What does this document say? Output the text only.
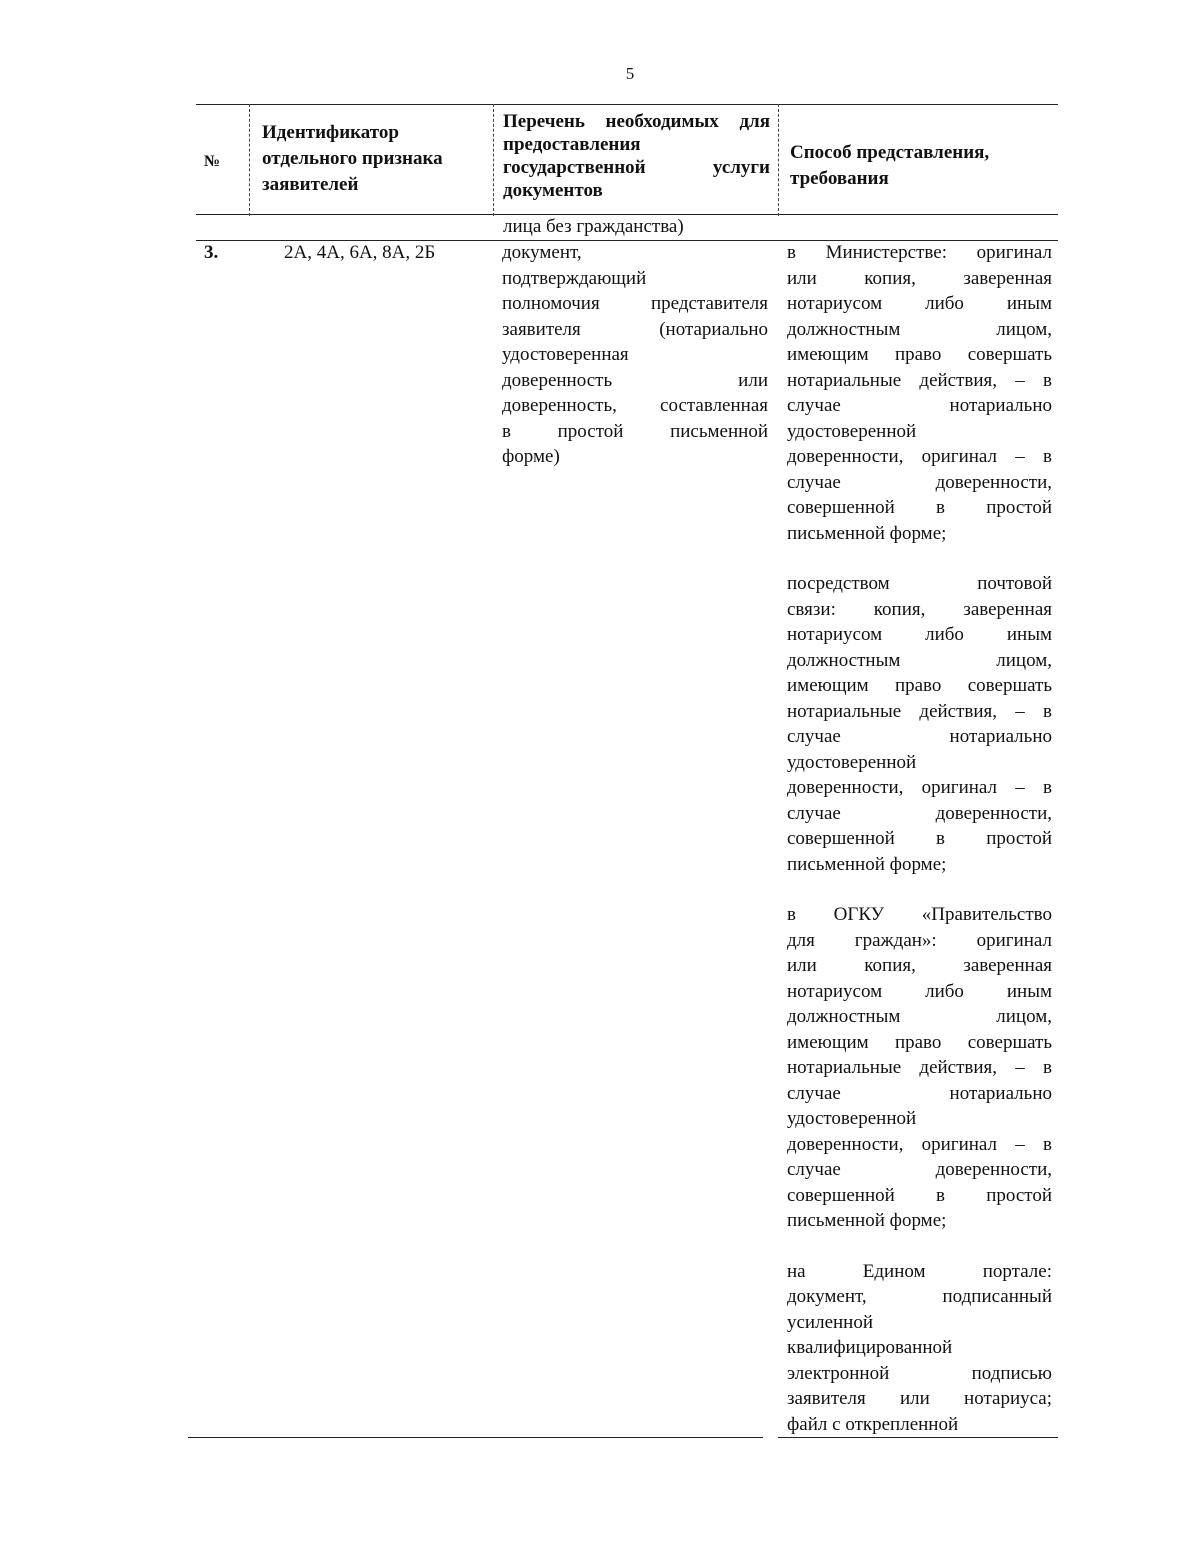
5
№
Идентификатор отдельного признака заявителей
Перечень необходимых для предоставления государственной услуги документов
Способ представления, требования
лица без гражданства)
3.	2А, 4А, 6А, 8А, 2Б	документ,
подтверждающий
полномочия представителя
заявителя (нотариально
удостоверенная
доверенность или
доверенность, составленная
в простой письменной
форме)
в Министерстве: оригинал
или копия, заверенная
нотариусом либо иным
должностным лицом,
имеющим право совершать
нотариальные действия, – в
случае нотариально
удостоверенной
доверенности, оригинал – в
случае доверенности,
совершенной в простой
письменной форме;
посредством почтовой
связи: копия, заверенная
нотариусом либо иным
должностным лицом,
имеющим право совершать
нотариальные действия, – в
случае нотариально
удостоверенной
доверенности, оригинал – в
случае доверенности,
совершенной в простой
письменной форме;
в ОГКУ «Правительство
для граждан»: оригинал
или копия, заверенная
нотариусом либо иным
должностным лицом,
имеющим право совершать
нотариальные действия, – в
случае нотариально
удостоверенной
доверенности, оригинал – в
случае доверенности,
совершенной в простой
письменной форме;
на Едином портале:
документ, подписанный
усиленной
квалифицированной
электронной подписью
заявителя или нотариуса;
файл с открепленной
